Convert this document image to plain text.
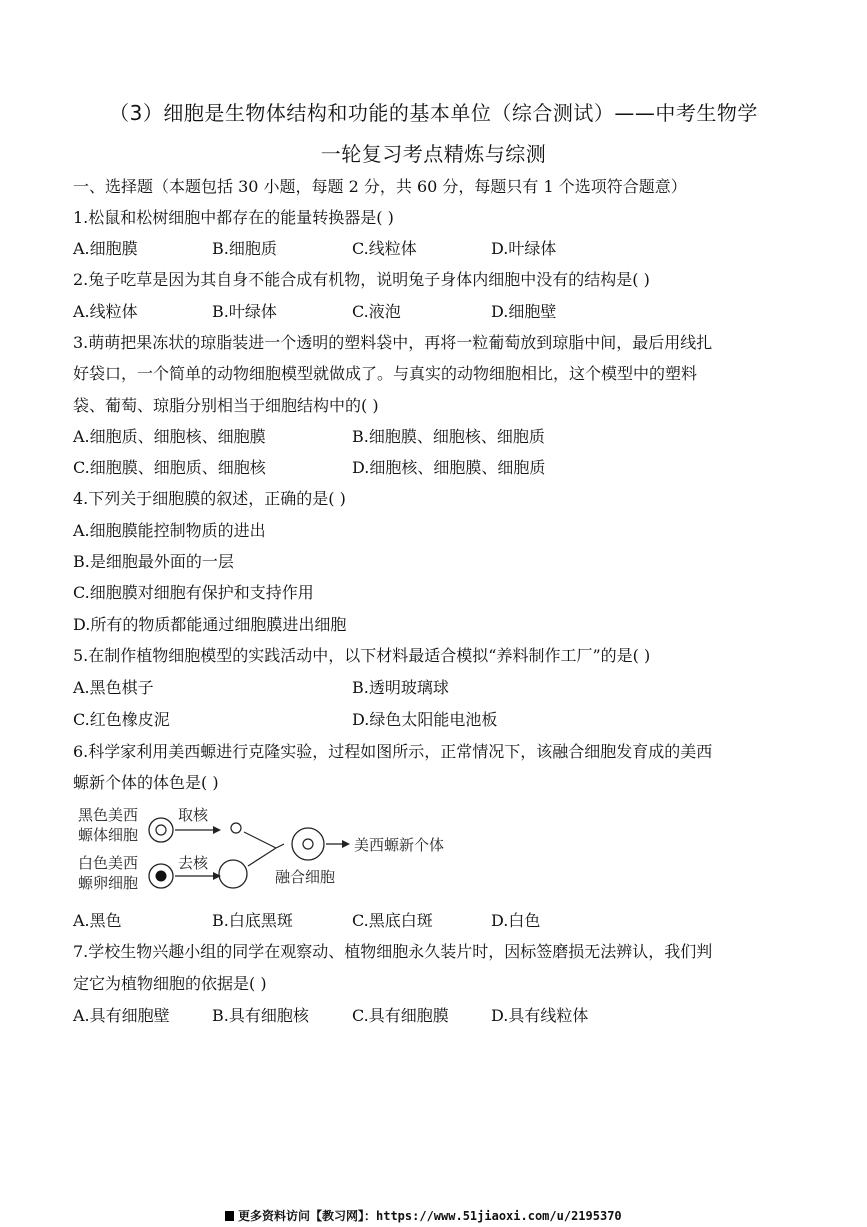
（3）细胞是生物体结构和功能的基本单位（综合测试）——中考生物学
一轮复习考点精炼与综测
一、选择题（本题包括 30 小题，每题 2 分，共 60 分，每题只有 1 个选项符合题意）
1.松鼠和松树细胞中都存在的能量转换器是( )
A.细胞膜	B.细胞质	C.线粒体	D.叶绿体
2.兔子吃草是因为其自身不能合成有机物，说明兔子身体内细胞中没有的结构是( )
A.线粒体	B.叶绿体	C.液泡	D.细胞壁
3.萌萌把果冻状的琼脂装进一个透明的塑料袋中，再将一粒葡萄放到琼脂中间，最后用线扎
好袋口，一个简单的动物细胞模型就做成了。与真实的动物细胞相比，这个模型中的塑料
袋、葡萄、琼脂分别相当于细胞结构中的( )
A.细胞质、细胞核、细胞膜	B.细胞膜、细胞核、细胞质
C.细胞膜、细胞质、细胞核	D.细胞核、细胞膜、细胞质
4.下列关于细胞膜的叙述，正确的是( )
A.细胞膜能控制物质的进出
B.是细胞最外面的一层
C.细胞膜对细胞有保护和支持作用
D.所有的物质都能通过细胞膜进出细胞
5.在制作植物细胞模型的实践活动中，以下材料最适合模拟“养料制作工厂”的是( )
A.黑色棋子	B.透明玻璃球
C.红色橡皮泥	D.绿色太阳能电池板
6.科学家利用美西螈进行克隆实验，过程如图所示，正常情况下，该融合细胞发育成的美西
螈新个体的体色是( )
黑色美西
螈体细胞
取核
白色美西
螈卵细胞
去核
融合细胞
美西螈新个体
A.黑色	B.白底黑斑	C.黑底白斑	D.白色
7.学校生物兴趣小组的同学在观察动、植物细胞永久装片时，因标签磨损无法辨认，我们判
定它为植物细胞的依据是( )
A.具有细胞壁	B.具有细胞核	C.具有细胞膜	D.具有线粒体
更多资料访问【教习网】：https://www.51jiaoxi.com/u/2195370
